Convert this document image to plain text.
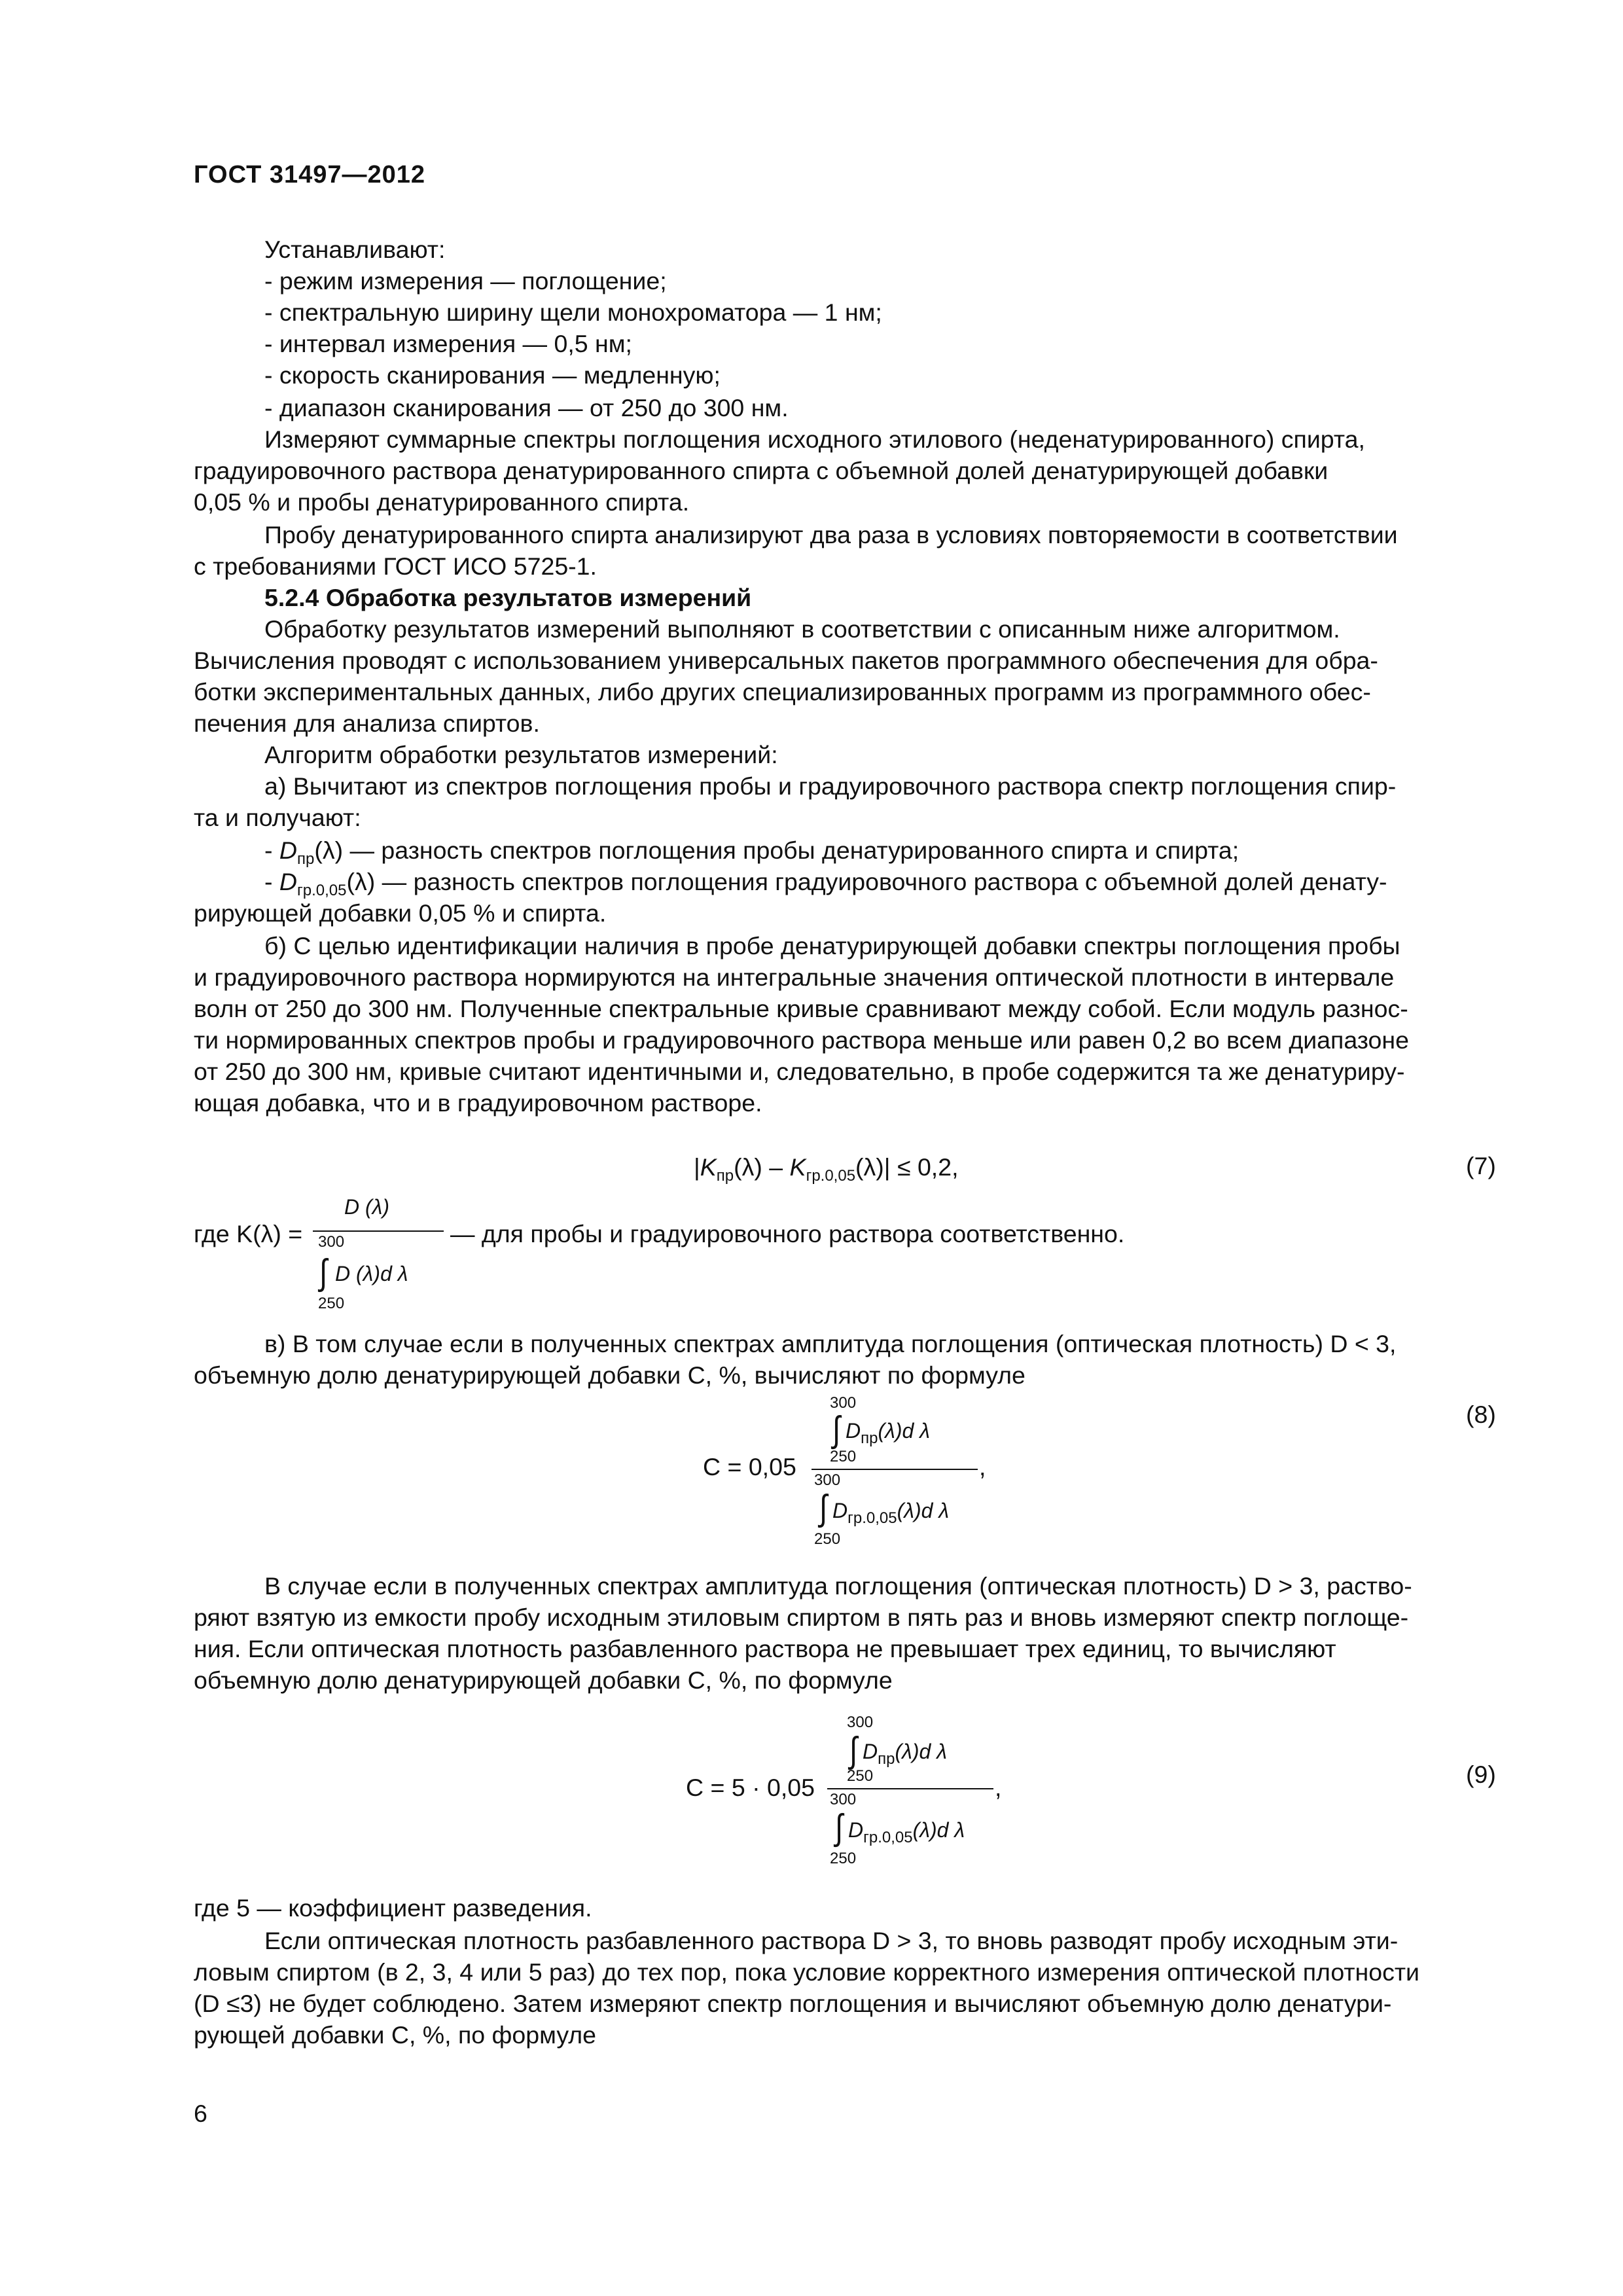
ГОСТ 31497—2012
Устанавливают:
- режим измерения — поглощение;
- спектральную ширину щели монохроматора — 1 нм;
- интервал измерения — 0,5 нм;
- скорость сканирования — медленную;
- диапазон сканирования — от 250 до 300 нм.
Измеряют суммарные спектры поглощения исходного этилового (неденатурированного) спирта,
градуировочного раствора денатурированного спирта с объемной долей денатурирующей добавки
0,05 % и пробы денатурированного спирта.
Пробу денатурированного спирта анализируют два раза в условиях повторяемости в соответствии
с требованиями ГОСТ ИСО 5725-1.
5.2.4 Обработка результатов измерений
Обработку результатов измерений выполняют в соответствии с описанным ниже алгоритмом.
Вычисления проводят с использованием универсальных пакетов программного обеспечения для обра-
ботки экспериментальных данных, либо других специализированных программ из программного обес-
печения для анализа спиртов.
Алгоритм обработки результатов измерений:
а) Вычитают из спектров поглощения пробы и градуировочного раствора спектр поглощения спир-
та и получают:
- $D_{пр}(\lambda)$ — разность спектров поглощения пробы денатурированного спирта и спирта;
- $D_{гр.0,05}(\lambda)$ — разность спектров поглощения градуировочного раствора с объемной долей денату-
рирующей добавки 0,05 % и спирта.
б) С целью идентификации наличия в пробе денатурирующей добавки спектры поглощения пробы
и градуировочного раствора нормируются на интегральные значения оптической плотности в интервале
волн от 250 до 300 нм. Полученные спектральные кривые сравнивают между собой. Если модуль разнос-
ти нормированных спектров пробы и градуировочного раствора меньше или равен 0,2 во всем диапазоне
от 250 до 300 нм, кривые считают идентичными и, следовательно, в пробе содержится та же денатуриру-
ющая добавка, что и в градуировочном растворе.
$|K_{пр}(\lambda) - K_{гр.0,05}(\lambda)| \le 0,2$,	(7)
где K(λ) =
D (λ)
300
∫ D (λ)d λ
250
— для пробы и градуировочного раствора соответственно.
в) В том случае если в полученных спектрах амплитуда поглощения (оптическая плотность) D < 3,
объемную долю денатурирующей добавки C, %, вычисляют по формуле
(8)
C = 0,05
300
∫ $D_{пр}(\lambda)d$ λ
250	,
300
∫ $D_{гр.0,05}(\lambda)d$ λ
250
В случае если в полученных спектрах амплитуда поглощения (оптическая плотность) D > 3, раство-
ряют взятую из емкости пробу исходным этиловым спиртом в пять раз и вновь измеряют спектр поглоще-
ния. Если оптическая плотность разбавленного раствора не превышает трех единиц, то вычисляют
объемную долю денатурирующей добавки C, %, по формуле
C = 5 · 0,05
300
∫ $D_{пр}(\lambda)d$ λ
250	,	(9)
300
∫ $D_{гр.0,05}(\lambda)d$ λ
250
где 5 — коэффициент разведения.
Если оптическая плотность разбавленного раствора D > 3, то вновь разводят пробу исходным эти-
ловым спиртом (в 2, 3, 4 или 5 раз) до тех пор, пока условие корректного измерения оптической плотности
(D ≤3) не будет соблюдено. Затем измеряют спектр поглощения и вычисляют объемную долю денатури-
рующей добавки C, %, по формуле
6
